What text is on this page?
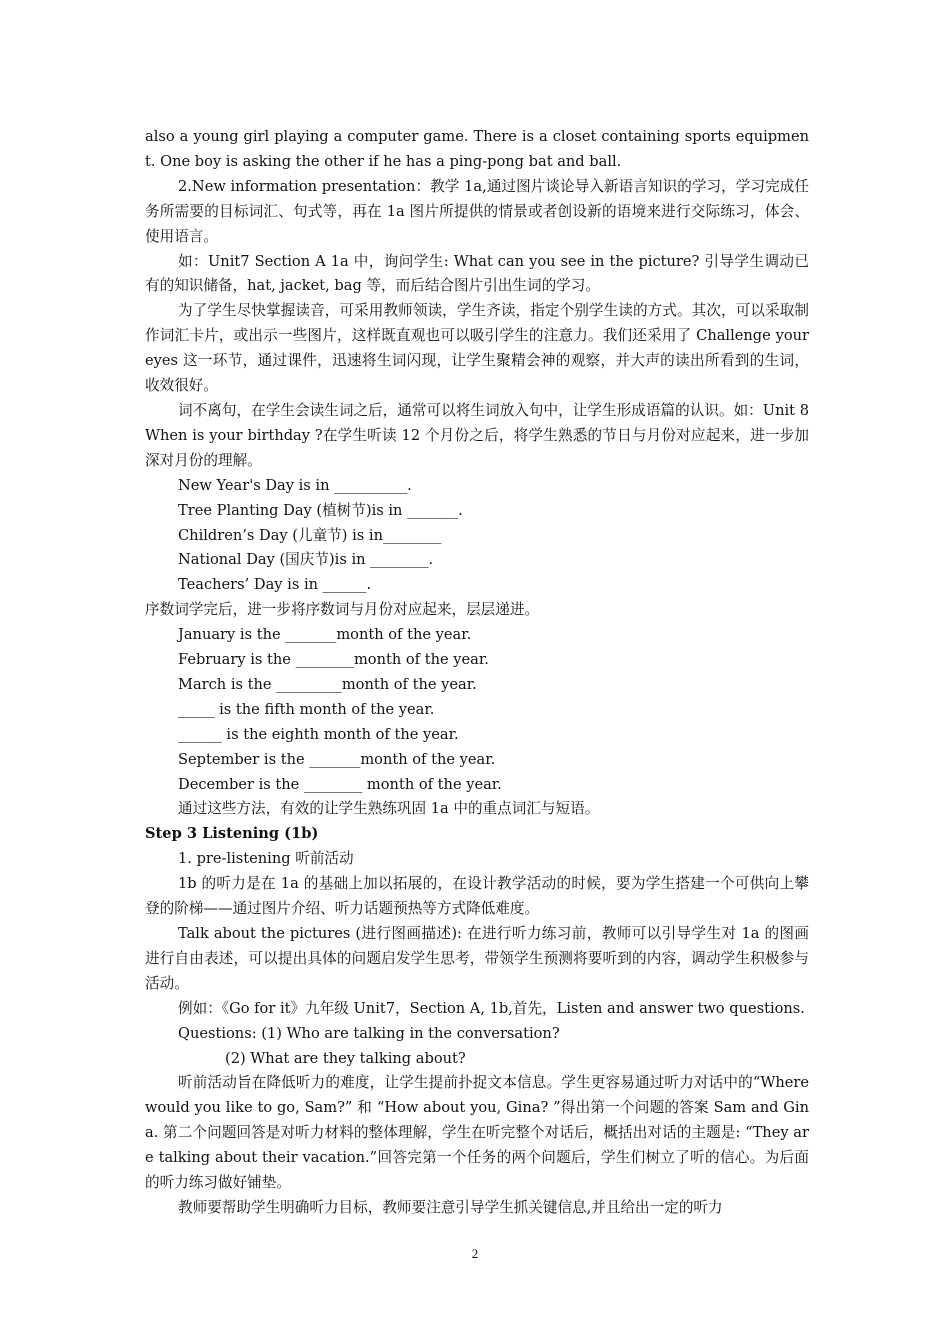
also a young girl playing a computer game. There is a closet containing sports equipment. One boy is asking the other if he has a ping-pong bat and ball.

2.New information presentation：教学 1a,通过图片谈论导入新语言知识的学习，学习完成任务所需要的目标词汇、句式等，再在 1a 图片所提供的情景或者创设新的语境来进行交际练习，体会、使用语言。

如：Unit7 Section A 1a 中，询问学生: What can you see in the picture? 引导学生调动已有的知识储备，hat, jacket, bag 等，而后结合图片引出生词的学习。

为了学生尽快掌握读音，可采用教师领读，学生齐读，指定个别学生读的方式。其次，可以采取制作词汇卡片，或出示一些图片，这样既直观也可以吸引学生的注意力。我们还采用了 Challenge your eyes 这一环节，通过课件，迅速将生词闪现，让学生聚精会神的观察，并大声的读出所看到的生词，收效很好。

词不离句，在学生会读生词之后，通常可以将生词放入句中，让学生形成语篇的认识。如：Unit 8 When is your birthday ?在学生听读 12 个月份之后，将学生熟悉的节日与月份对应起来，进一步加深对月份的理解。

New Year's Day is in __________.

Tree Planting Day (植树节)is in _______.

Children’s Day (儿童节) is in________

National Day (国庆节)is in ________.

Teachers’ Day is in ______.

序数词学完后，进一步将序数词与月份对应起来，层层递进。

January is the _______month of the year.

February is the ________month of the year.

March is the _________month of the year.

_____ is the fifth month of the year.

______ is the eighth month of the year.

September is the _______month of the year.

December is the ________ month of the year.

通过这些方法，有效的让学生熟练巩固 1a 中的重点词汇与短语。

Step 3 Listening (1b)

1. pre-listening 听前活动

1b 的听力是在 1a 的基础上加以拓展的，在设计教学活动的时候，要为学生搭建一个可供向上攀登的阶梯——通过图片介绍、听力话题预热等方式降低难度。

Talk about the pictures (进行图画描述): 在进行听力练习前，教师可以引导学生对 1a 的图画进行自由表述，可以提出具体的问题启发学生思考，带领学生预测将要听到的内容，调动学生积极参与活动。

例如：《Go for it》九年级 Unit7，Section A, 1b,首先，Listen and answer two questions.

Questions: (1) Who are talking in the conversation?

(2) What are they talking about?

听前活动旨在降低听力的难度，让学生提前扑捉文本信息。学生更容易通过听力对话中的“Where would you like to go, Sam?” 和 “How about you, Gina? ”得出第一个问题的答案 Sam and Gina. 第二个问题回答是对听力材料的整体理解，学生在听完整个对话后，概括出对话的主题是: “They are talking about their vacation.”回答完第一个任务的两个问题后，学生们树立了听的信心。为后面的听力练习做好铺垫。

教师要帮助学生明确听力目标，教师要注意引导学生抓关键信息,并且给出一定的听力

2
